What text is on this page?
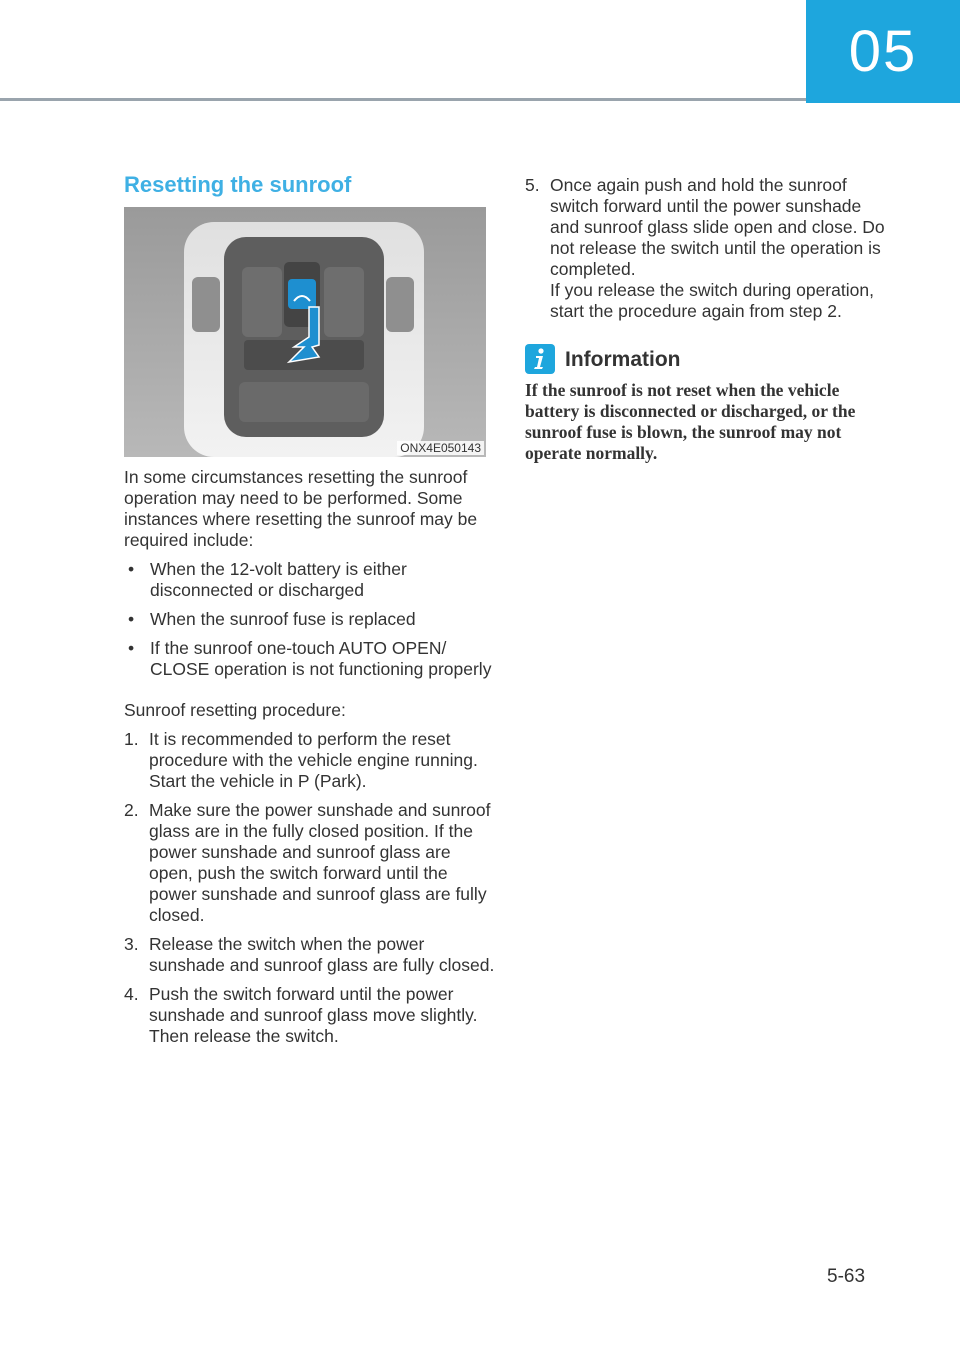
05
Resetting the sunroof
ONX4E050143

In some circumstances resetting the sunroof operation may need to be performed. Some instances where resetting the sunroof may be required include:

• When the 12-volt battery is either disconnected or discharged
• When the sunroof fuse is replaced
• If the sunroof one-touch AUTO OPEN/ CLOSE operation is not functioning properly

Sunroof resetting procedure:

1. It is recommended to perform the reset procedure with the vehicle engine running. Start the vehicle in P (Park).
2. Make sure the power sunshade and sunroof glass are in the fully closed position. If the power sunshade and sunroof glass are open, push the switch forward until the power sunshade and sunroof glass are fully closed.
3. Release the switch when the power sunshade and sunroof glass are fully closed.
4. Push the switch forward until the power sunshade and sunroof glass move slightly. Then release the switch.
5. Once again push and hold the sunroof switch forward until the power sunshade and sunroof glass slide open and close. Do not release the switch until the operation is completed.
If you release the switch during operation, start the procedure again from step 2.
Information

If the sunroof is not reset when the vehicle battery is disconnected or discharged, or the sunroof fuse is blown, the sunroof may not operate normally.

5-63
